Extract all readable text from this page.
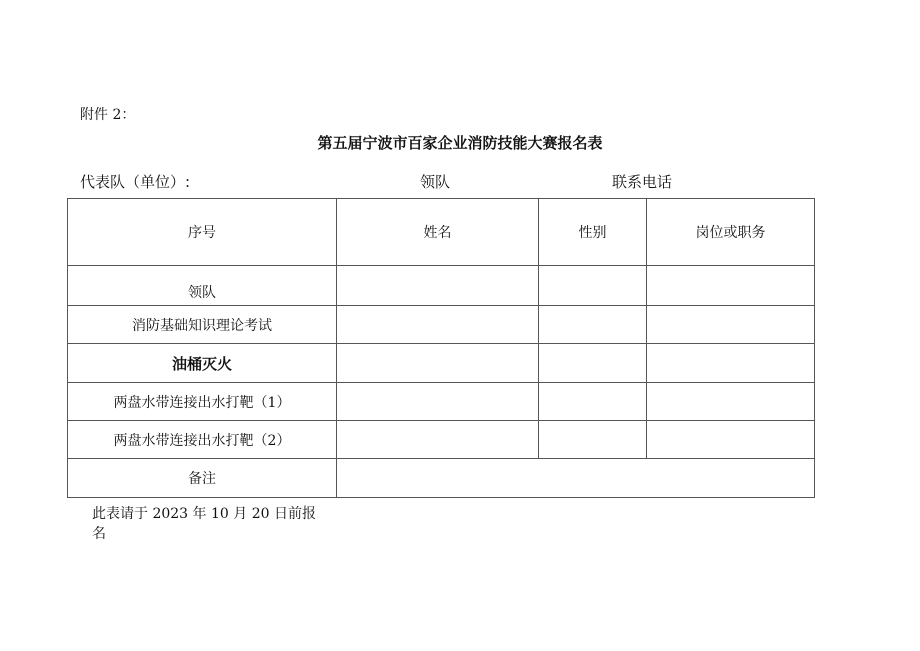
附件 2：
第五届宁波市百家企业消防技能大赛报名表
代表队（单位）:	领队	联系电话
序号	姓名	性别	岗位或职务
领队			
消防基础知识理论考试			
油桶灭火			
两盘水带连接出水打靶（1）			
两盘水带连接出水打靶（2）			
备注			
此表请于 2023 年 10 月 20 日前报名
